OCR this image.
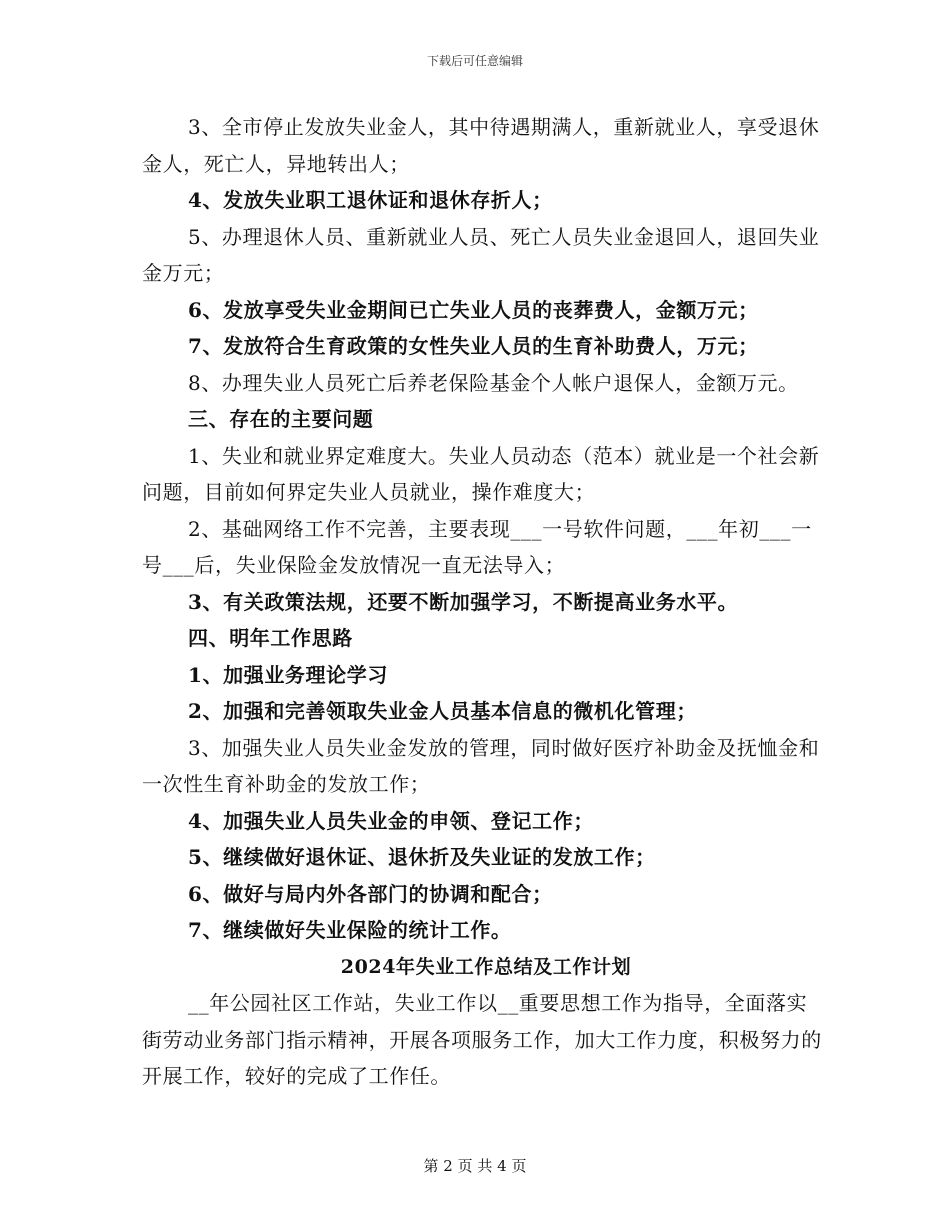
下载后可任意编辑

3、全市停止发放失业金人，其中待遇期满人，重新就业人，享受退休金人，死亡人，异地转出人；

4、发放失业职工退休证和退休存折人；

5、办理退休人员、重新就业人员、死亡人员失业金退回人，退回失业金万元；

6、发放享受失业金期间已亡失业人员的丧葬费人，金额万元；

7、发放符合生育政策的女性失业人员的生育补助费人，万元；

8、办理失业人员死亡后养老保险基金个人帐户退保人，金额万元。

三、存在的主要问题

1、失业和就业界定难度大。失业人员动态（范本）就业是一个社会新问题，目前如何界定失业人员就业，操作难度大；

2、基础网络工作不完善，主要表现___一号软件问题，___年初___一号___后，失业保险金发放情况一直无法导入；

3、有关政策法规，还要不断加强学习，不断提高业务水平。

四、明年工作思路

1、加强业务理论学习

2、加强和完善领取失业金人员基本信息的微机化管理；

3、加强失业人员失业金发放的管理，同时做好医疗补助金及抚恤金和一次性生育补助金的发放工作；

4、加强失业人员失业金的申领、登记工作；

5、继续做好退休证、退休折及失业证的发放工作；

6、做好与局内外各部门的协调和配合；

7、继续做好失业保险的统计工作。

2024年失业工作总结及工作计划

__年公园社区工作站，失业工作以__重要思想工作为指导，全面落实街劳动业务部门指示精神，开展各项服务工作，加大工作力度，积极努力的开展工作，较好的完成了工作任。

第 2 页 共 4 页
